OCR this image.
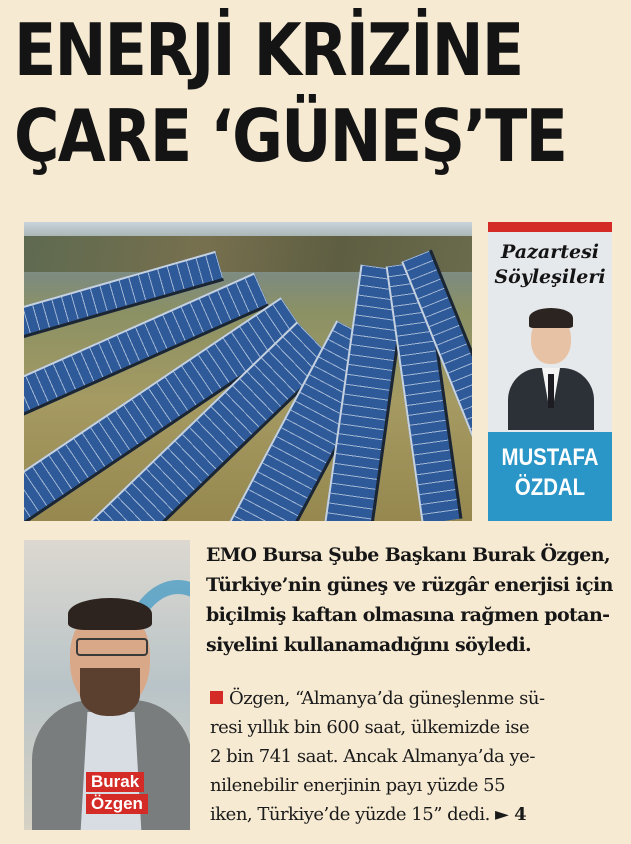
ENERJİ KRİZİNE
ÇARE ‘GÜNEŞ’TE
Pazartesi
Söyleşileri
MUSTAFA
ÖZDAL
Burak
Özgen
EMO Bursa Şube Başkanı Burak Özgen,
Türkiye’nin güneş ve rüzgâr enerjisi için
biçilmiş kaftan olmasına rağmen potan-
siyelini kullanamadığını söyledi.
Özgen, “Almanya’da güneşlenme sü-
resi yıllık bin 600 saat, ülkemizde ise
2 bin 741 saat. Ancak Almanya’da ye-
nilenebilir enerjinin payı yüzde 55
iken, Türkiye’de yüzde 15” dedi. ► 4
